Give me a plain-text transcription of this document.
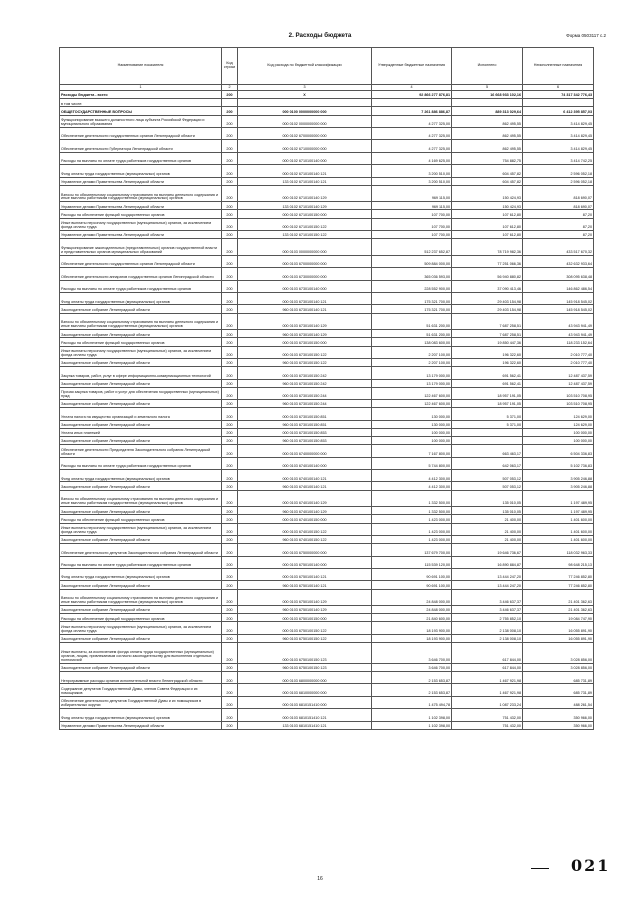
2. Расходы бюджета	Форма 0503117 с.2
Наименование показателя	Код строки	Код расхода по бюджетной классификации	Утвержденные бюджетные назначения	Исполнено	Неисполненные назначения
1	2	3	4	5	6
Расходы бюджета - всего	200	X	92 866 277 876,81	16 668 933 102,16	74 317 342 776,43
в том числе:					
ОБЩЕГОСУДАРСТВЕННЫЕ ВОПРОСЫ	200	000 0100 0000000000 000	7 261 886 886,87	889 313 029,64	6 412 395 857,03
Функционирование высшего должностного лица субъекта Российской Федерации и муниципального образования	200	000 0102 0000000000 000	4 277 325,00	862 495,55	3 414 829,45
Обеспечение деятельности государственных органов Ленинградской области	200	000 0102 6700000000 000	4 277 325,00	862 495,55	3 414 829,45
Обеспечение деятельности Губернатора Ленинградской области	200	000 0102 6710000000 000	4 277 325,00	862 495,55	3 414 829,45
Расходы на выплаты по оплате труда работников государственных органов	200	000 0102 6710100140 000	4 169 625,00	754 882,75	3 414 742,25
Фонд оплаты труда государственных (муниципальных) органов	200	000 0102 6710100140 121	3 200 510,00	604 457,82	2 596 052,18
Управление делами Правительства Ленинградской области	200	133 0102 6710100140 121	3 200 510,00	604 457,82	2 596 052,18
Взносы по обязательному социальному страхованию на выплаты денежного содержания и иные выплаты работникам государственных (муниципальных) органов	200	000 0102 6710100140 129	969 115,00	150 424,93	818 690,07
Управление делами Правительства Ленинградской области	200	133 0102 6710100140 129	969 115,00	150 424,93	818 690,07
Расходы на обеспечение функций государственных органов	200	000 0102 6710100150 000	107 700,00	107 612,80	87,20
Иные выплаты персоналу государственных (муниципальных) органов, за исключением фонда оплаты труда	200	000 0102 6710100150 122	107 700,00	107 612,80	87,20
Управление делами Правительства Ленинградской области	200	133 0102 6710100150 122	107 700,00	107 612,80	87,20
Функционирование законодательных (представительных) органов государственной власти и представительных органов муниципальных образований	200	000 0103 0000000000 000	512 237 652,87	78 719 982,36	433 517 670,32
Обеспечение деятельности государственных органов Ленинградской области	200	000 0103 6700000000 000	509 884 000,00	77 251 066,36	432 632 933,64
Обеспечение деятельности аппаратов государственных органов Ленинградской области	200	000 0103 6730000000 000	365 036 593,00	56 940 880,82	308 095 638,48
Расходы на выплаты по оплате труда работников государственных органов	200	000 0103 6730100140 000	228 552 900,00	37 090 413,46	146 862 486,54
Фонд оплаты труда государственных (муниципальных) органов	200	000 0103 6730100140 121	175 321 700,00	29 403 154,98	145 918 545,02
Законодательное собрание Ленинградской области	200	960 0103 6730100140 121	175 321 700,00	29 403 154,98	145 918 545,02
Взносы по обязательному социальному страхованию на выплаты денежного содержания и иные выплаты работникам государственных (муниципальных) органов	200	000 0103 6730100140 129	51 631 200,00	7 687 258,51	43 943 941,49
Законодательное собрание Ленинградской области	200	960 0103 6730100140 129	51 631 200,00	7 687 258,51	43 943 941,49
Расходы на обеспечение функций государственных органов	200	000 0103 6730100150 000	138 083 600,00	19 850 447,36	118 233 152,64
Иные выплаты персоналу государственных (муниципальных) органов, за исключением фонда оплаты труда	200	000 0103 6730100150 122	2 207 100,00	196 322,60	2 010 777,40
Законодательное собрание Ленинградской области	200	960 0103 6730100150 122	2 207 100,00	196 322,60	2 010 777,40
Закупка товаров, работ, услуг в сфере информационно-коммуникационных технологий	200	000 0103 6730100150 242	13 179 000,00	691 562,41	12 487 437,59
Законодательное собрание Ленинградской области	200	960 0103 6730100150 242	13 179 000,00	691 562,41	12 487 437,59
Прочая закупка товаров, работ и услуг для обеспечения государственных (муниципальных) нужд	200	000 0103 6730100150 244	122 467 600,00	18 957 191,05	103 510 708,95
Законодательное собрание Ленинградской области	200	960 0103 6730100150 244	122 467 600,00	18 957 191,05	103 510 708,95
Уплата налога на имущество организаций и земельного налога	200	000 0103 6730100150 851	130 000,00	5 371,00	124 629,00
Законодательное собрание Ленинградской области	200	960 0103 6730100150 851	130 000,00	5 371,00	124 629,00
Уплата иных платежей	200	000 0103 6730100150 853	100 000,00		100 000,00
Законодательное собрание Ленинградской области	200	960 0103 6730100150 853	100 000,00		100 000,00
Обеспечение деятельности Председателя Законодательного собрания Ленинградской области	200	000 0103 6740000000 000	7 167 800,00	663 463,17	6 504 336,83
Расходы на выплаты по оплате труда работников государственных органов	200	000 0103 6740100140 000	5 744 800,00	642 063,17	5 102 736,83
Фонд оплаты труда государственных (муниципальных) органов	200	000 0103 6740100140 121	4 412 300,00	507 053,12	3 905 246,88
Законодательное собрание Ленинградской области	200	960 0103 6740100140 121	4 412 300,00	507 053,12	3 905 246,88
Взносы по обязательному социальному страхованию на выплаты денежного содержания и иные выплаты работникам государственных (муниципальных) органов	200	000 0103 6740100140 129	1 332 500,00	135 010,05	1 197 489,95
Законодательное собрание Ленинградской области	200	960 0103 6740100140 129	1 332 500,00	135 010,05	1 197 489,95
Расходы на обеспечение функций государственных органов	200	000 0103 6740100150 000	1 423 000,00	21 400,00	1 401 600,00
Иные выплаты персоналу государственных (муниципальных) органов, за исключением фонда оплаты труда	200	000 0103 6740100150 122	1 423 000,00	21 400,00	1 401 600,00
Законодательное собрание Ленинградской области	200	960 0103 6740100150 122	1 423 000,00	21 400,00	1 401 600,00
Обеспечение деятельности депутатов Законодательного собрания Ленинградской области	200	000 0103 6750000000 000	137 679 700,00	19 646 736,67	118 032 963,33
Расходы на выплаты по оплате труда работников государственных органов	200	000 0103 6750100140 000	115 539 120,00	16 890 884,87	98 648 215,13
Фонд оплаты труда государственных (муниципальных) органов	200	000 0103 6750100140 121	90 691 100,00	13 444 247,20	77 246 852,80
Законодательное собрание Ленинградской области	200	960 0103 6750100140 121	90 691 100,00	13 444 247,20	77 246 852,80
Взносы по обязательному социальному страхованию на выплаты денежного содержания и иные выплаты работникам государственных (муниципальных) органов	200	000 0103 6750100140 129	24 848 000,00	3 446 637,37	21 401 362,63
Законодательное собрание Ленинградской области	200	960 0103 6750100140 129	24 848 000,00	3 446 637,37	21 401 362,63
Расходы на обеспечение функций государственных органов	200	000 0103 6750100150 000	21 840 600,00	2 755 852,10	19 084 747,90
Иные выплаты персоналу государственных (муниципальных) органов, за исключением фонда оплаты труда	200	000 0103 6750100150 122	18 193 900,00	2 138 008,10	16 055 891,90
Законодательное собрание Ленинградской области	200	960 0103 6750100150 122	18 193 900,00	2 138 008,10	16 055 891,90
Иные выплаты, за исключением фонда оплаты труда государственных (муниципальных) органов, лицам, привлекаемым согласно законодательству для выполнения отдельных полномочий	200	000 0103 6750100150 123	3 646 700,00	617 844,00	3 028 856,00
Законодательное собрание Ленинградской области	200	960 0103 6750100150 123	3 646 700,00	617 844,00	3 028 856,00
Непрограммные расходы органов исполнительной власти Ленинградской области	200	000 0103 6800000000 000	2 153 653,87	1 467 921,98	685 731,89
Содержание депутатов Государственной Думы, членов Совета Федерации и их помощников	200	000 0103 6810000000 000	2 153 653,87	1 467 921,98	685 731,89
Обеспечение деятельности депутатов Государственной Думы и их помощников в избирательных округах	200	000 0103 6810151410 000	1 475 494,78	1 087 233,24	488 261,54
Фонд оплаты труда государственных (муниципальных) органов	200	000 0103 6810151410 121	1 102 398,00	751 432,00	350 966,00
Управление делами Правительства Ленинградской области	200	133 0103 6810151410 121	1 102 398,00	751 432,00	350 966,00
021
16
